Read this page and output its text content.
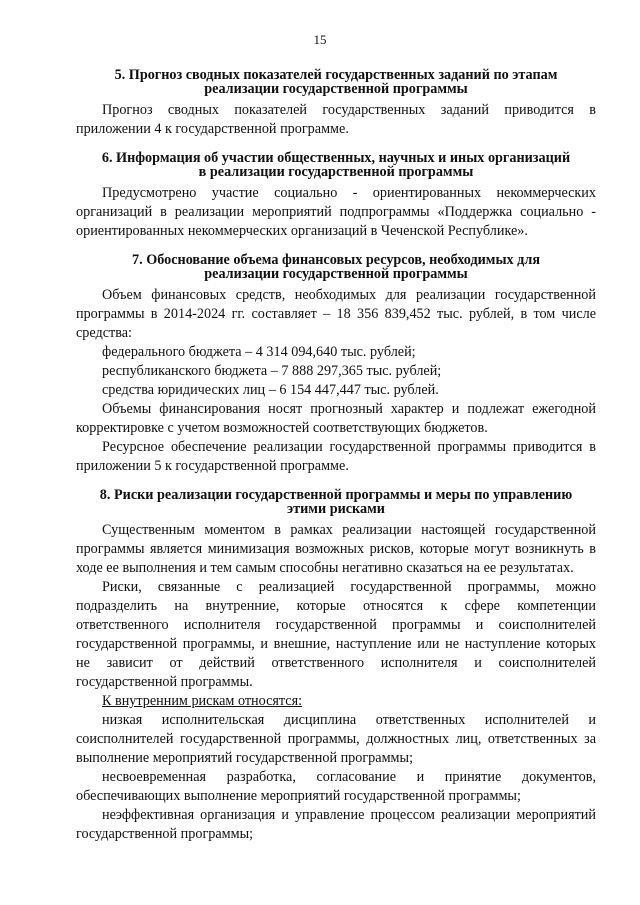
15
5. Прогноз сводных показателей государственных заданий по этапам
реализации государственной программы

Прогноз сводных показателей государственных заданий приводится в приложении 4 к государственной программе.

6. Информация об участии общественных, научных и иных организаций
в реализации государственной программы

Предусмотрено участие социально - ориентированных некоммерческих организаций в реализации мероприятий подпрограммы «Поддержка социально - ориентированных некоммерческих организаций в Чеченской Республике».

7. Обоснование объема финансовых ресурсов, необходимых для
реализации государственной программы

Объем финансовых средств, необходимых для реализации государственной программы в 2014-2024 гг. составляет – 18 356 839,452 тыс. рублей, в том числе средства:

федерального бюджета – 4 314 094,640 тыс. рублей;

республиканского бюджета – 7 888 297,365 тыс. рублей;

средства юридических лиц – 6 154 447,447 тыс. рублей.

Объемы финансирования носят прогнозный характер и подлежат ежегодной корректировке с учетом возможностей соответствующих бюджетов.

Ресурсное обеспечение реализации государственной программы приводится в приложении 5 к государственной программе.

8. Риски реализации государственной программы и меры по управлению
этими рисками

Существенным моментом в рамках реализации настоящей государственной программы является минимизация возможных рисков, которые могут возникнуть в ходе ее выполнения и тем самым способны негативно сказаться на ее результатах.

Риски, связанные с реализацией государственной программы, можно подразделить на внутренние, которые относятся к сфере компетенции ответственного исполнителя государственной программы и соисполнителей государственной программы, и внешние, наступление или не наступление которых не зависит от действий ответственного исполнителя и соисполнителей государственной программы.

К внутренним рискам относятся:

низкая исполнительская дисциплина ответственных исполнителей и соисполнителей государственной программы, должностных лиц, ответственных за выполнение мероприятий государственной программы;

несвоевременная разработка, согласование и принятие документов, обеспечивающих выполнение мероприятий государственной программы;

неэффективная организация и управление процессом реализации мероприятий государственной программы;
